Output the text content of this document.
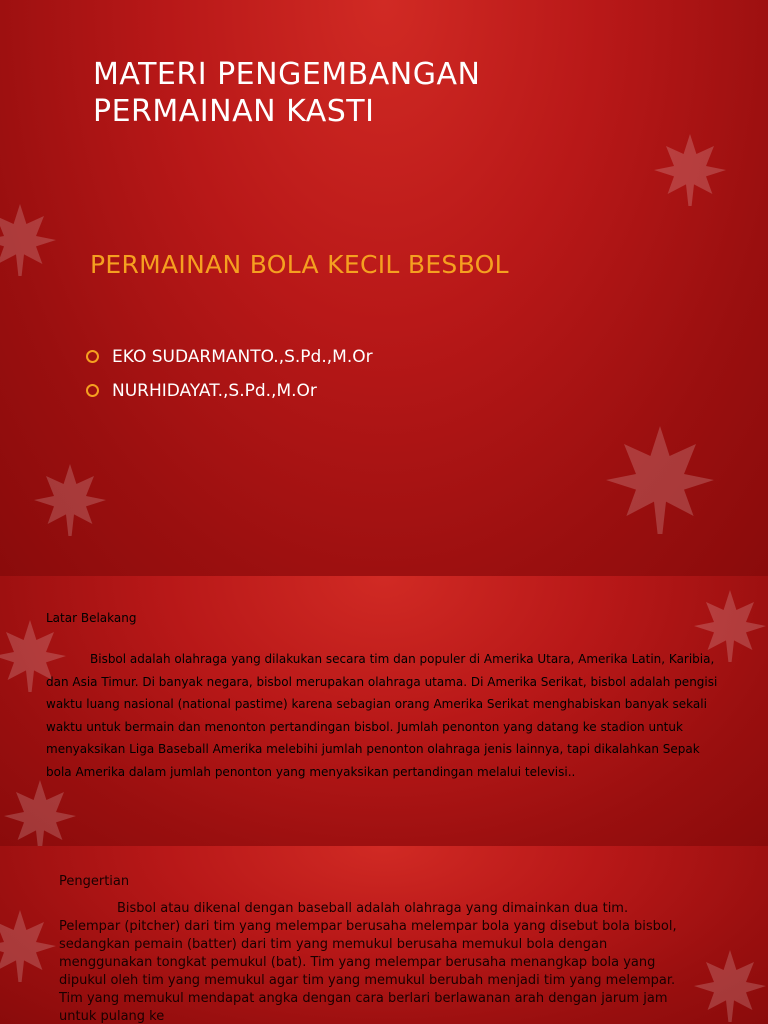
MATERI PENGEMBANGAN
PERMAINAN KASTI
PERMAINAN BOLA KECIL BESBOL
EKO SUDARMANTO.,S.Pd.,M.Or
NURHIDAYAT.,S.Pd.,M.Or
Latar Belakang
Bisbol adalah olahraga yang dilakukan secara tim dan populer di Amerika Utara, Amerika Latin, Karibia, dan Asia Timur. Di banyak negara, bisbol merupakan olahraga utama. Di Amerika Serikat, bisbol adalah pengisi waktu luang nasional (national pastime) karena sebagian orang Amerika Serikat menghabiskan banyak sekali waktu untuk bermain dan menonton pertandingan bisbol. Jumlah penonton yang datang ke stadion untuk menyaksikan Liga Baseball Amerika melebihi jumlah penonton olahraga jenis lainnya, tapi dikalahkan Sepak bola Amerika dalam jumlah penonton yang menyaksikan pertandingan melalui televisi..
Pengertian
Bisbol atau dikenal dengan baseball adalah olahraga yang dimainkan dua tim. Pelempar (pitcher) dari tim yang melempar berusaha melempar bola yang disebut bola bisbol, sedangkan pemain (batter) dari tim yang memukul berusaha memukul bola dengan menggunakan tongkat pemukul (bat). Tim yang melempar berusaha menangkap bola yang dipukul oleh tim yang memukul agar tim yang memukul berubah menjadi tim yang melempar. Tim yang memukul mendapat angka dengan cara berlari berlawanan arah dengan jarum jam untuk pulang ke
